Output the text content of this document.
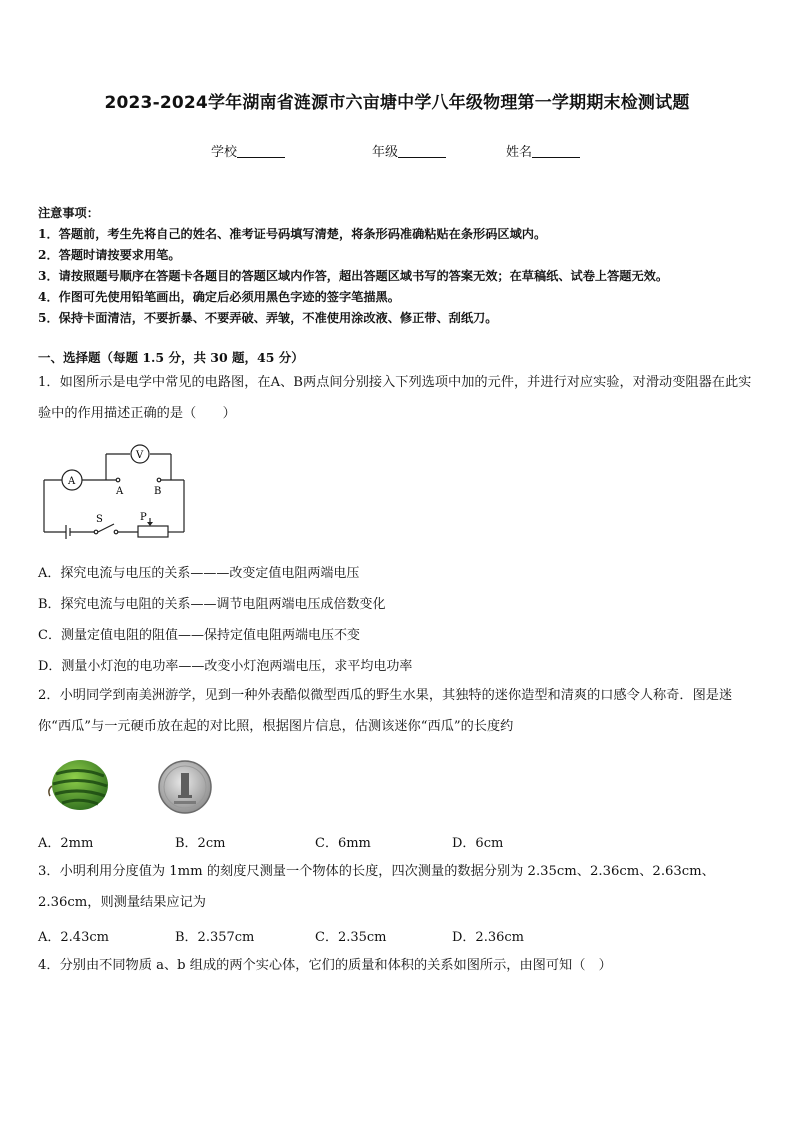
2023-2024学年湖南省涟源市六亩塘中学八年级物理第一学期期末检测试题
学校	年级	姓名
注意事项：
1．答题前，考生先将自己的姓名、准考证号码填写清楚，将条形码准确粘贴在条形码区域内。
2．答题时请按要求用笔。
3．请按照题号顺序在答题卡各题目的答题区域内作答，超出答题区域书写的答案无效；在草稿纸、试卷上答题无效。
4．作图可先使用铅笔画出，确定后必须用黑色字迹的签字笔描黑。
5．保持卡面清洁，不要折暴、不要弄破、弄皱，不准使用涂改液、修正带、刮纸刀。
一、选择题（每题 1.5 分，共 30 题，45 分）
1．如图所示是电学中常见的电路图，在A、B两点间分别接入下列选项中加的元件，并进行对应实验，对滑动变阻器在此实验中的作用描述正确的是（　　）
A
V
A	B
S	P
A．探究电流与电压的关系———改变定值电阻两端电压
B．探究电流与电阻的关系——调节电阻两端电压成倍数变化
C．测量定值电阻的阻值——保持定值电阻两端电压不变
D．测量小灯泡的电功率——改变小灯泡两端电压，求平均电功率
2．小明同学到南美洲游学，见到一种外表酷似微型西瓜的野生水果，其独特的迷你造型和清爽的口感令人称奇．图是迷你“西瓜”与一元硬币放在起的对比照，根据图片信息，估测该迷你“西瓜”的长度约
A．2mm	B．2cm	C．6mm	D．6cm
3．小明利用分度值为 1mm 的刻度尺测量一个物体的长度，四次测量的数据分别为 2.35cm、2.36cm、2.63cm、2.36cm，则测量结果应记为
A．2.43cm	B．2.357cm	C．2.35cm	D．2.36cm
4．分别由不同物质 a、b 组成的两个实心体，它们的质量和体积的关系如图所示，由图可知（　）
